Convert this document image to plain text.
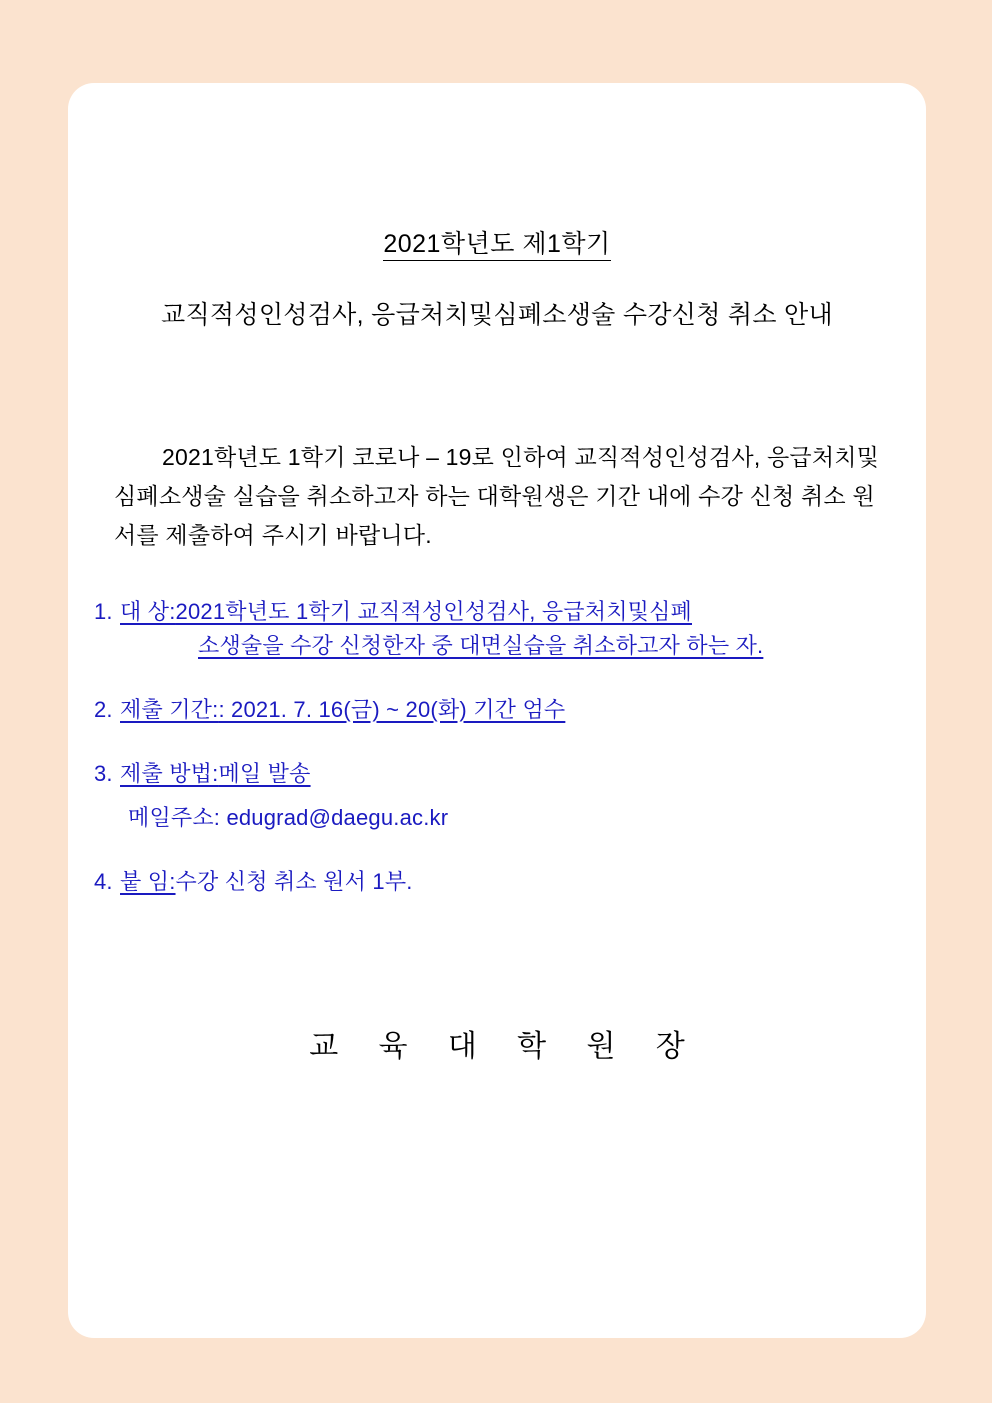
2021학년도 제1학기
교직적성인성검사, 응급처치및심폐소생술 수강신청 취소 안내
2021학년도 1학기 코로나 – 19로 인하여 교직적성인성검사, 응급처치및심폐소생술 실습을 취소하고자 하는 대학원생은 기간 내에 수강 신청 취소 원서를 제출하여 주시기 바랍니다.
1. 대 상:2021학년도 1학기 교직적성인성검사, 응급처치및심폐
소생술을 수강 신청한자 중 대면실습을 취소하고자 하는 자.
2. 제출 기간:: 2021. 7. 16(금) ~ 20(화) 기간 엄수
3. 제출 방법:메일 발송
메일주소: edugrad@daegu.ac.kr
4. 붙 임:수강 신청 취소 원서 1부.
교 육 대 학 원 장
